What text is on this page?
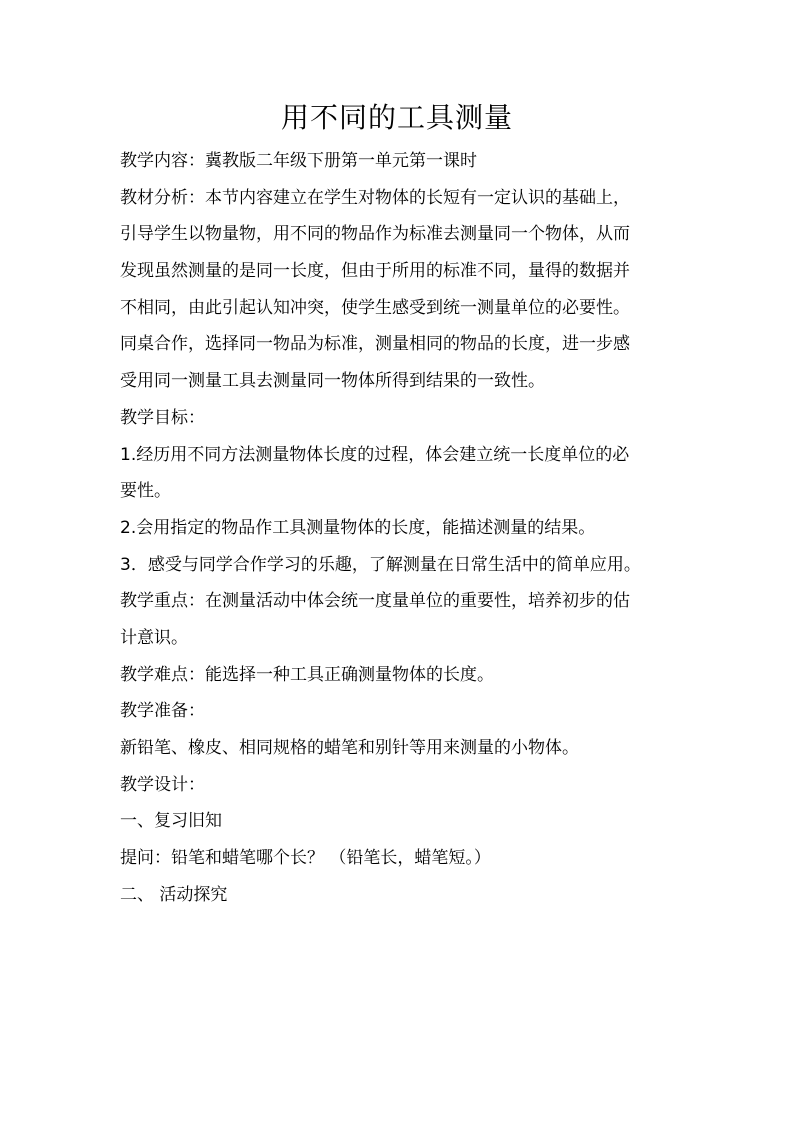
用不同的工具测量
教学内容：冀教版二年级下册第一单元第一课时
教材分析：本节内容建立在学生对物体的长短有一定认识的基础上，
引导学生以物量物，用不同的物品作为标准去测量同一个物体，从而
发现虽然测量的是同一长度，但由于所用的标准不同，量得的数据并
不相同，由此引起认知冲突，使学生感受到统一测量单位的必要性。
同桌合作，选择同一物品为标准，测量相同的物品的长度，进一步感
受用同一测量工具去测量同一物体所得到结果的一致性。
教学目标：
1.经历用不同方法测量物体长度的过程，体会建立统一长度单位的必
要性。
2.会用指定的物品作工具测量物体的长度，能描述测量的结果。
3．感受与同学合作学习的乐趣，了解测量在日常生活中的简单应用。
教学重点：在测量活动中体会统一度量单位的重要性，培养初步的估
计意识。
教学难点：能选择一种工具正确测量物体的长度。
教学准备：
新铅笔、橡皮、相同规格的蜡笔和别针等用来测量的小物体。
教学设计：
一、复习旧知
提问：铅笔和蜡笔哪个长？ （铅笔长，蜡笔短。）
二、 活动探究
